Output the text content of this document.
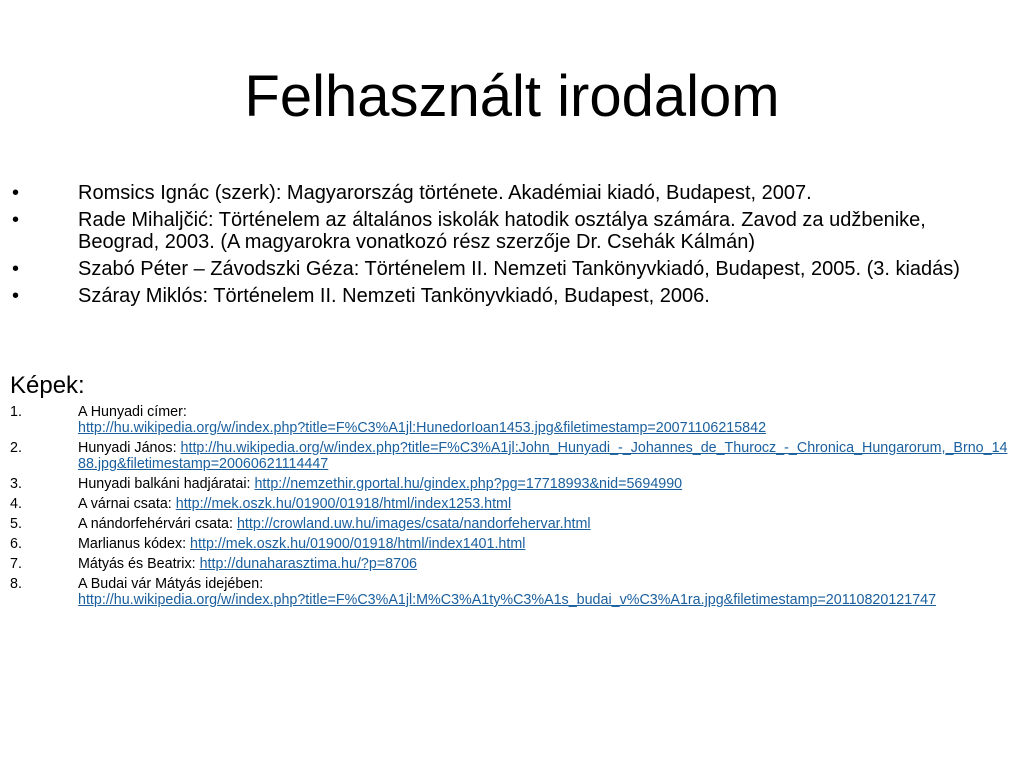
Felhasznált irodalom
•	Romsics Ignác (szerk): Magyarország története. Akadémiai kiadó, Budapest, 2007.
•	Rade Mihaljčić: Történelem az általános iskolák hatodik osztálya számára. Zavod za udžbenike, Beograd, 2003. (A magyarokra vonatkozó rész szerzője Dr. Csehák Kálmán)
•	Szabó Péter – Závodszki Géza: Történelem II. Nemzeti Tankönyvkiadó, Budapest, 2005. (3. kiadás)
•	Száray Miklós: Történelem II. Nemzeti Tankönyvkiadó, Budapest, 2006.
Képek:
1.	A Hunyadi címer:
http://hu.wikipedia.org/w/index.php?title=F%C3%A1jl:HunedorIoan1453.jpg&filetimestamp=20071106215842
2.	Hunyadi János: http://hu.wikipedia.org/w/index.php?title=F%C3%A1jl:John_Hunyadi_-_Johannes_de_Thurocz_-_Chronica_Hungarorum,_Brno_1488.jpg&filetimestamp=20060621114447
3.	Hunyadi balkáni hadjáratai: http://nemzethir.gportal.hu/gindex.php?pg=17718993&nid=5694990
4.	A várnai csata: http://mek.oszk.hu/01900/01918/html/index1253.html
5.	A nándorfehérvári csata: http://crowland.uw.hu/images/csata/nandorfehervar.html
6.	Marlianus kódex: http://mek.oszk.hu/01900/01918/html/index1401.html
7.	Mátyás és Beatrix: http://dunaharasztima.hu/?p=8706
8.	A Budai vár Mátyás idejében:
http://hu.wikipedia.org/w/index.php?title=F%C3%A1jl:M%C3%A1ty%C3%A1s_budai_v%C3%A1ra.jpg&filetimestamp=20110820121747
